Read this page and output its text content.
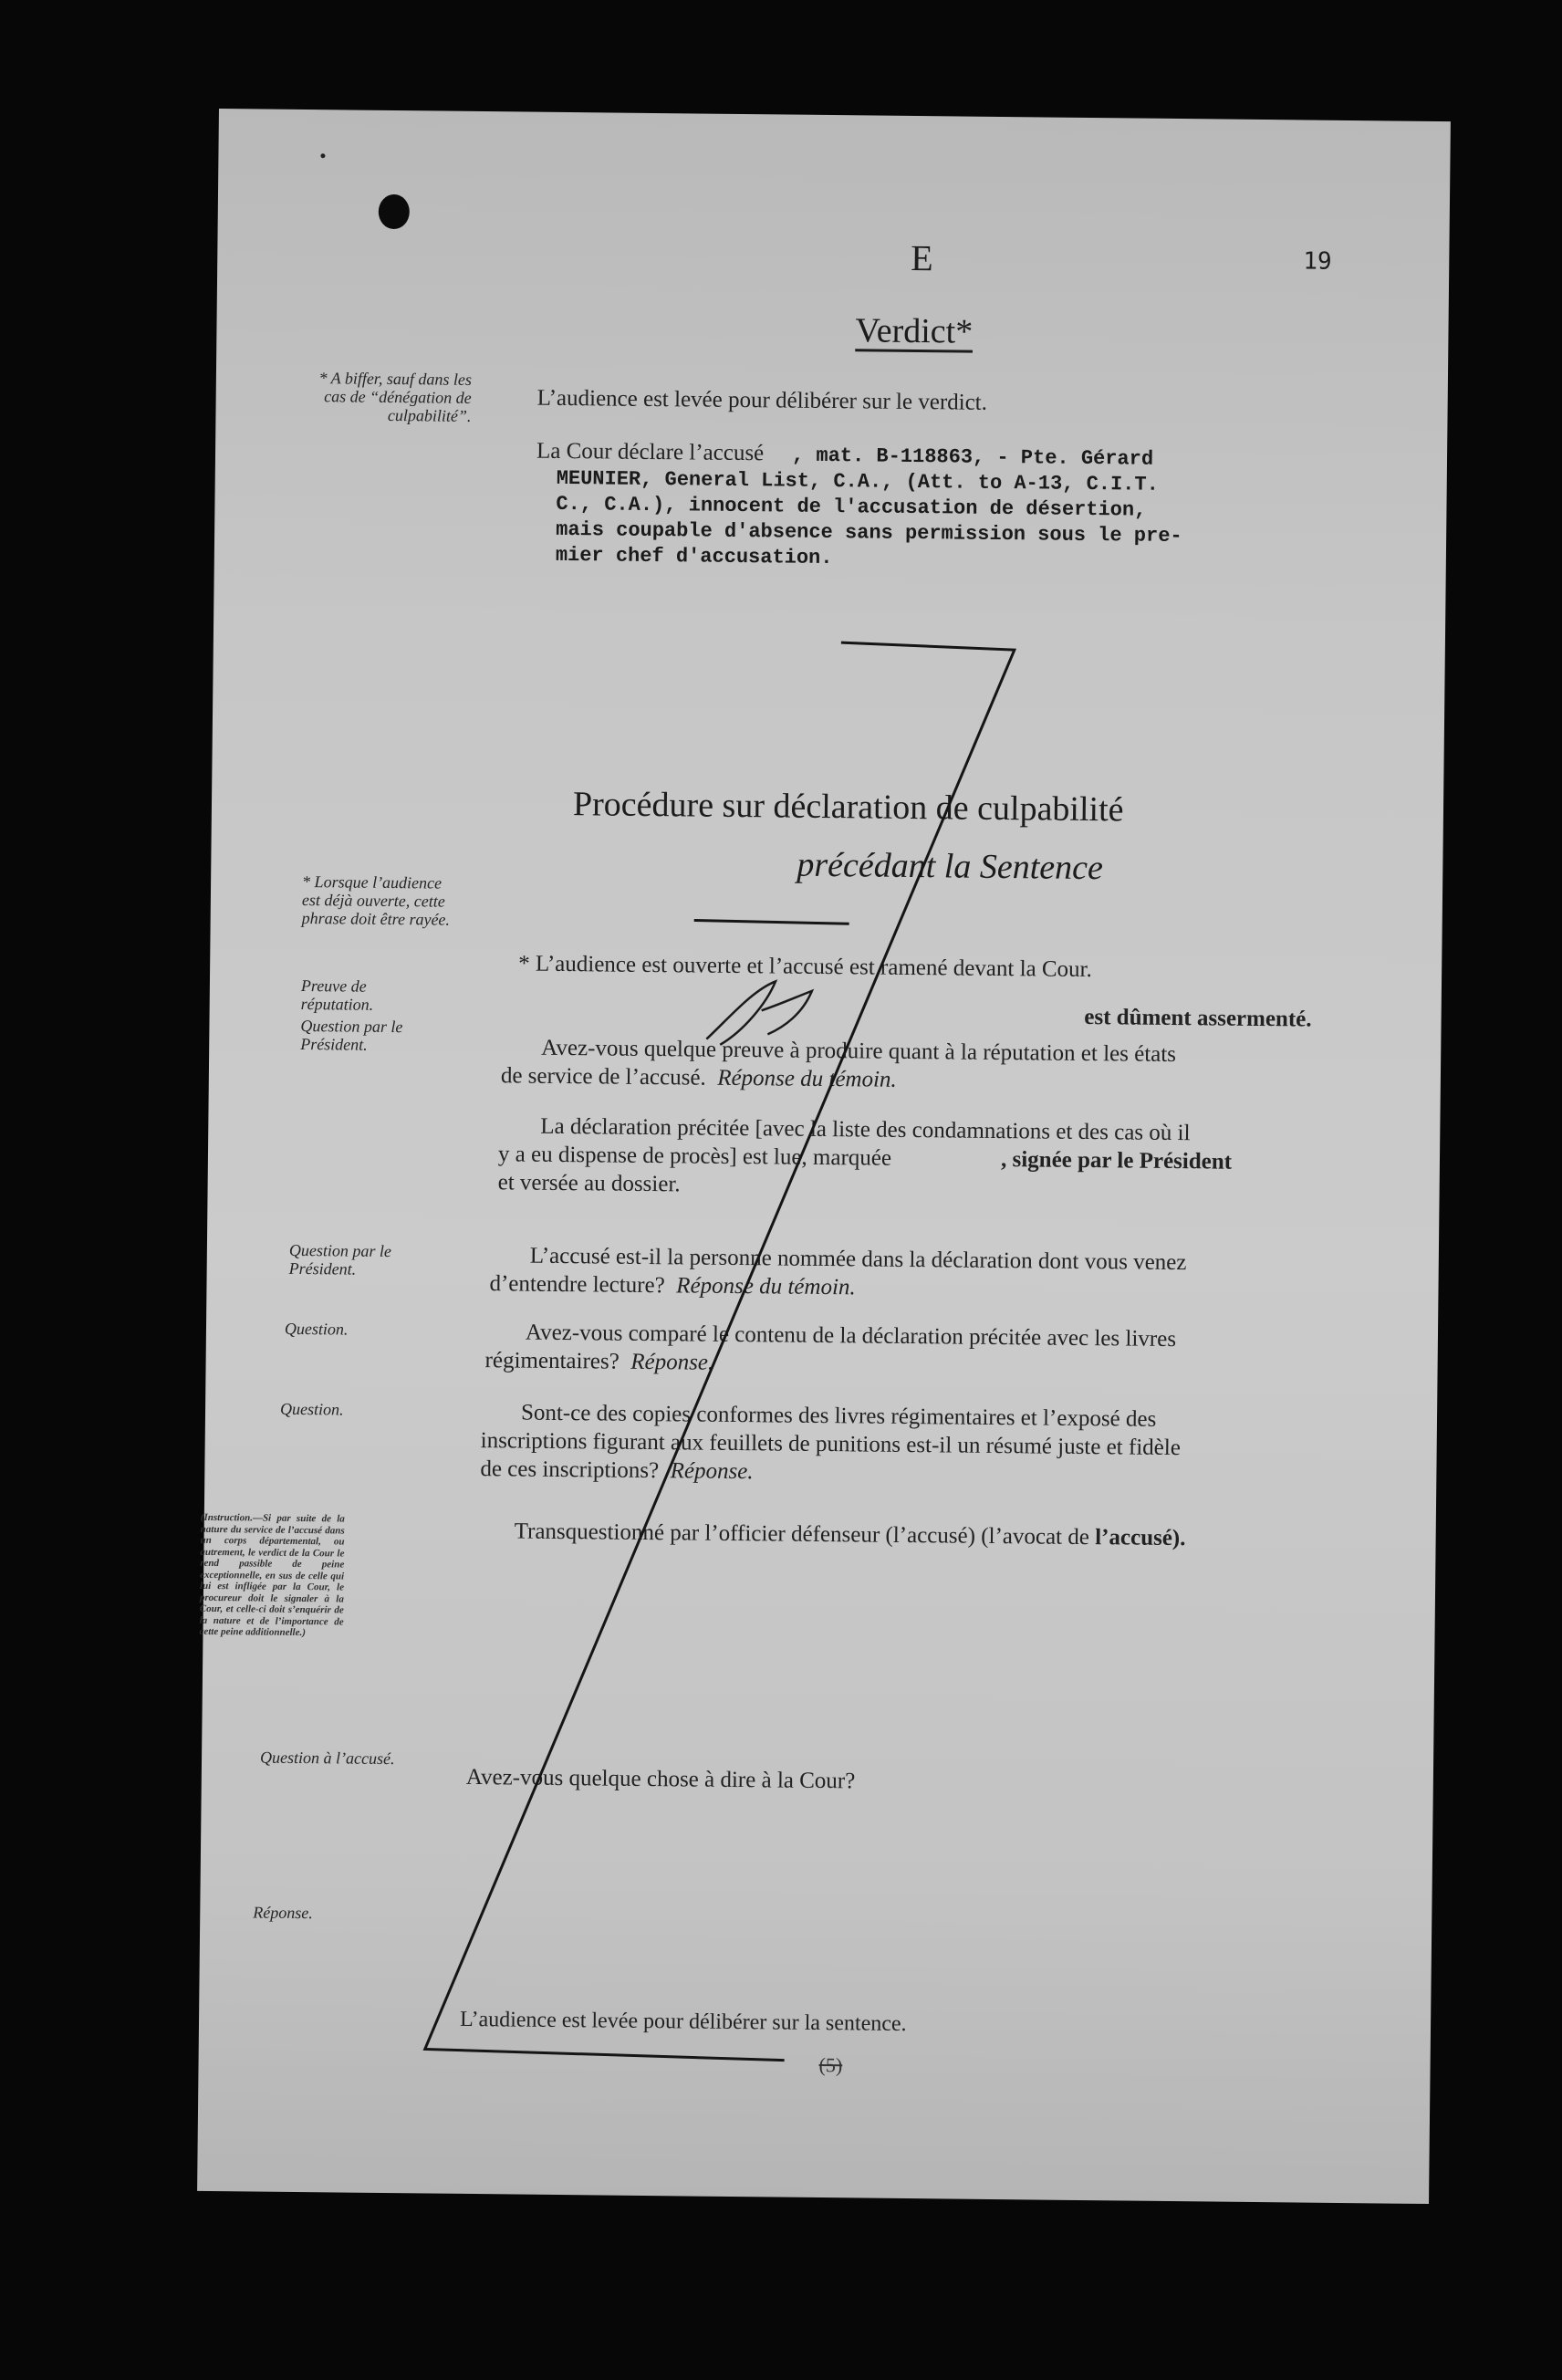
E	19
Verdict*
* A biffer, sauf dans les cas de “dénégation de culpabilité”.
L’audience est levée pour délibérer sur le verdict.
La Cour déclare l’accusé , mat. B-118863, - Pte. Gérard
MEUNIER, General List, C.A., (Att. to A-13, C.I.T.
C., C.A.), innocent de l'accusation de désertion,
mais coupable d'absence sans permission sous le pre-
mier chef d'accusation.
Procédure sur déclaration de culpabilité
précédant la Sentence
* Lorsque l’audience est déjà ouverte, cette phrase doit être rayée.
Preuve de réputation.
Question par le Président.
* L’audience est ouverte et l’accusé est ramené devant la Cour.
est dûment assermenté.
Avez-vous quelque preuve à produire quant à la réputation et les états
de service de l’accusé. Réponse du témoin.
La déclaration précitée [avec la liste des condamnations et des cas où il
y a eu dispense de procès] est lue, marquée	, signée par le Président
et versée au dossier.
Question par le Président.	L’accusé est-il la personne nommée dans la déclaration dont vous venez
d’entendre lecture? Réponse du témoin.
Question.	Avez-vous comparé le contenu de la déclaration précitée avec les livres
régimentaires? Réponse.
Question.	Sont-ce des copies conformes des livres régimentaires et l’exposé des
inscriptions figurant aux feuillets de punitions est-il un résumé juste et fidèle
de ces inscriptions? Réponse.
Transquestionné par l’officier défenseur (l’accusé) (l’avocat de l’accusé).
(Instruction.—Si par suite de la nature du service de l’accusé dans un corps départemental, ou autrement, le verdict de la Cour le rend passible de peine exceptionnelle, en sus de celle qui lui est infligée par la Cour, le procureur doit le signaler à la Cour, et celle-ci doit s’enquérir de la nature et de l’importance de cette peine additionnelle.)
Question à l’accusé.
Avez-vous quelque chose à dire à la Cour?
Réponse.
L’audience est levée pour délibérer sur la sentence.
(5)
